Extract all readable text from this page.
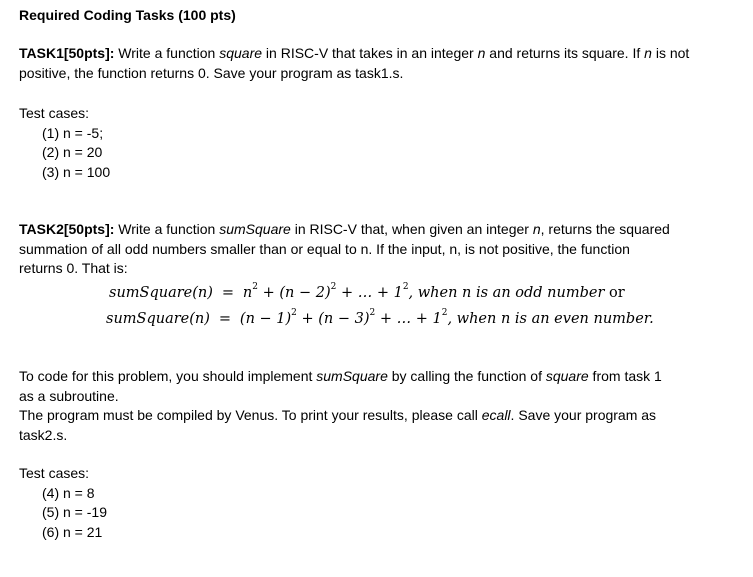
Required Coding Tasks (100 pts)
TASK1[50pts]: Write a function square in RISC-V that takes in an integer n and returns its square. If n is not
positive, the function returns 0. Save your program as task1.s.
Test cases:
(1) n = -5;
(2) n = 20
(3) n = 100
TASK2[50pts]: Write a function sumSquare in RISC-V that, when given an integer n, returns the squared
summation of all odd numbers smaller than or equal to n. If the input, n, is not positive, the function
returns 0. That is:
sumSquare(n) = $n^2 + (n - 2)^2$ + … + $1^2$, when n is an odd number or
sumSquare(n) = $(n - 1)^2 + (n - 3)^2$ + … + $1^2$, when n is an even number.
To code for this problem, you should implement sumSquare by calling the function of square from task 1
as a subroutine.
The program must be compiled by Venus. To print your results, please call ecall. Save your program as
task2.s.
Test cases:
(4) n = 8
(5) n = -19
(6) n = 21
